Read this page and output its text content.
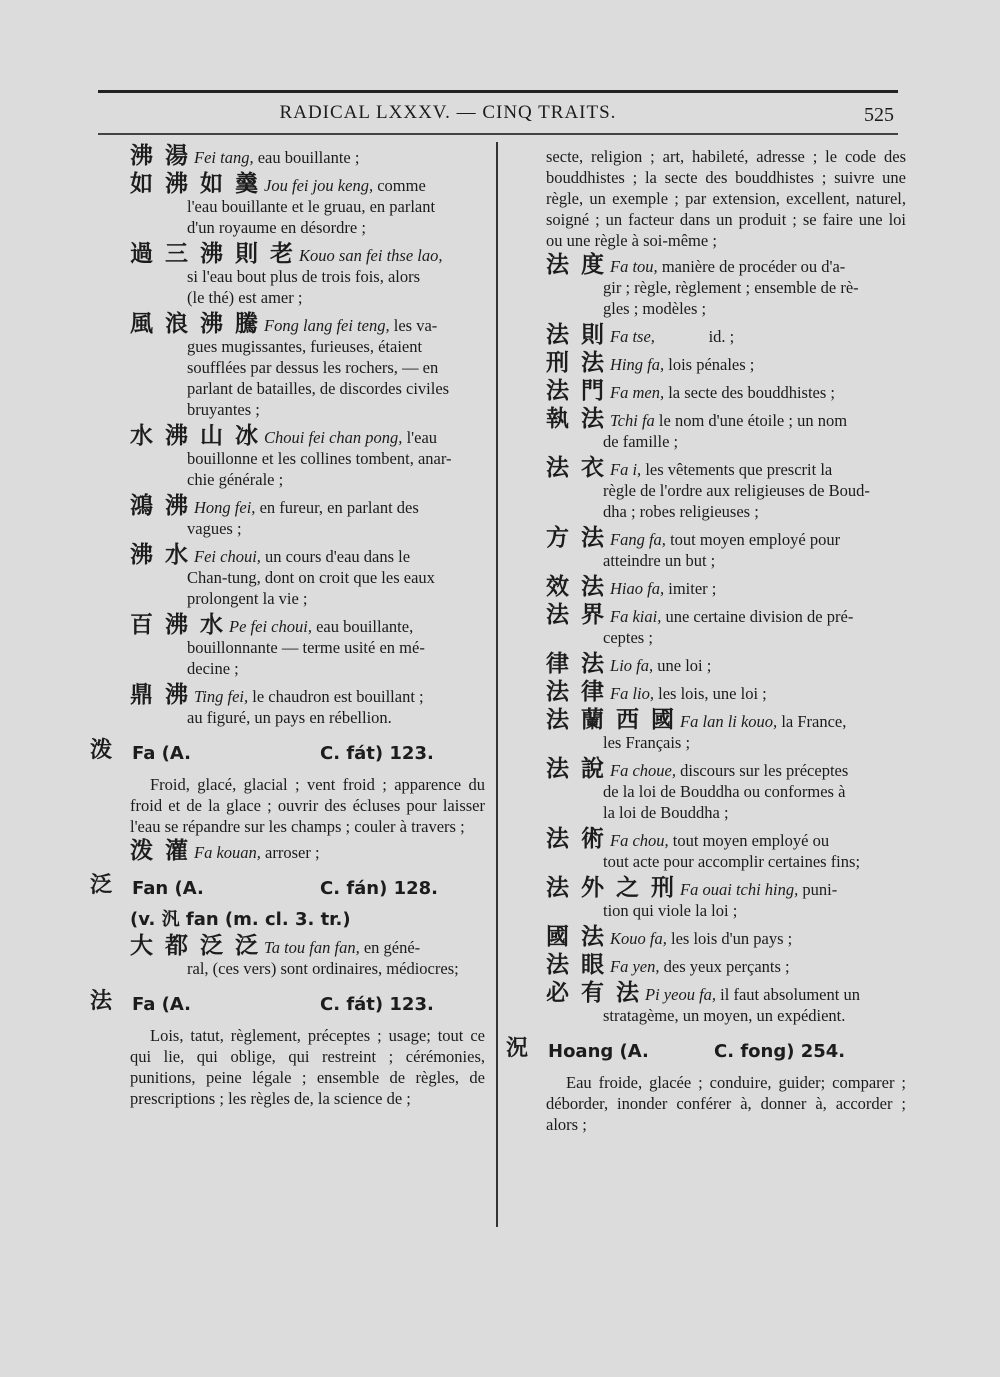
RADICAL LXXXV. — CINQ TRAITS.	525
沸 湯 Fei tang, eau bouillante ;
如 沸 如 羹 Jou fei jou keng, comme
l'eau bouillante et le gruau, en parlant
d'un royaume en désordre ;
過 三 沸 則 老 Kouo san fei thse lao,
si l'eau bout plus de trois fois, alors
(le thé) est amer ;
風 浪 沸 騰 Fong lang fei teng, les va-
gues mugissantes, furieuses, étaient
soufflées par dessus les rochers, — en
parlant de batailles, de discordes civiles
bruyantes ;
水 沸 山 冰 Choui fei chan pong, l'eau
bouillonne et les collines tombent, anar-
chie générale ;
鴻 沸 Hong fei, en fureur, en parlant des
vagues ;
沸 水 Fei choui, un cours d'eau dans le
Chan-tung, dont on croit que les eaux
prolongent la vie ;
百 沸 水 Pe fei choui, eau bouillante,
bouillonnante — terme usité en mé-
decine ;
鼎 沸 Ting fei, le chaudron est bouillant ;
au figuré, un pays en rébellion.
泼 Fa (A.	C. fát) 123.
Froid, glacé, glacial ; vent froid ; apparence du froid et de la glace ; ouvrir des écluses pour laisser l'eau se répandre sur les champs ; couler à travers ;
泼 灌 Fa kouan, arroser ;
泛 Fan (A.	C. fán) 128.
(v. 汎 fan (m. cl. 3. tr.)
大 都 泛 泛 Ta tou fan fan, en géné-
ral, (ces vers) sont ordinaires, médiocres;
法 Fa (A.	C. fát) 123.
Lois, tatut, règlement, préceptes ; usage; tout ce qui lie, qui oblige, qui restreint ; cérémonies, punitions, peine légale ; ensemble de règles, de prescriptions ; les règles de, la science de ;
secte, religion ; art, habileté, adresse ; le code des bouddhistes ; la secte des bouddhistes ; suivre une règle, un exemple ; par extension, excellent, naturel, soigné ; un facteur dans un produit ; se faire une loi ou une règle à soi-même ;
法 度 Fa tou, manière de procéder ou d'a-
gir ; règle, règlement ; ensemble de rè-
gles ; modèles ;
法 則 Fa tse,             id. ;
刑 法 Hing fa, lois pénales ;
法 門 Fa men, la secte des bouddhistes ;
執 法 Tchi fa le nom d'une étoile ; un nom
de famille ;
法 衣 Fa i, les vêtements que prescrit la
règle de l'ordre aux religieuses de Boud-
dha ; robes religieuses ;
方 法 Fang fa, tout moyen employé pour
atteindre un but ;
效 法 Hiao fa, imiter ;
法 界 Fa kiai, une certaine division de pré-
ceptes ;
律 法 Lio fa, une loi ;
法 律 Fa lio, les lois, une loi ;
法 蘭 西 國 Fa lan li kouo, la France,
les Français ;
法 說 Fa choue, discours sur les préceptes
de la loi de Bouddha ou conformes à
la loi de Bouddha ;
法 術 Fa chou, tout moyen employé ou
tout acte pour accomplir certaines fins;
法 外 之 刑 Fa ouai tchi hing, puni-
tion qui viole la loi ;
國 法 Kouo fa, les lois d'un pays ;
法 眼 Fa yen, des yeux perçants ;
必 有 法 Pi yeou fa, il faut absolument un
stratagème, un moyen, un expédient.
況 Hoang (A.	C. fong) 254.
Eau froide, glacée ; conduire, guider; comparer ; déborder, inonder conférer à, donner à, accorder ; alors ;
